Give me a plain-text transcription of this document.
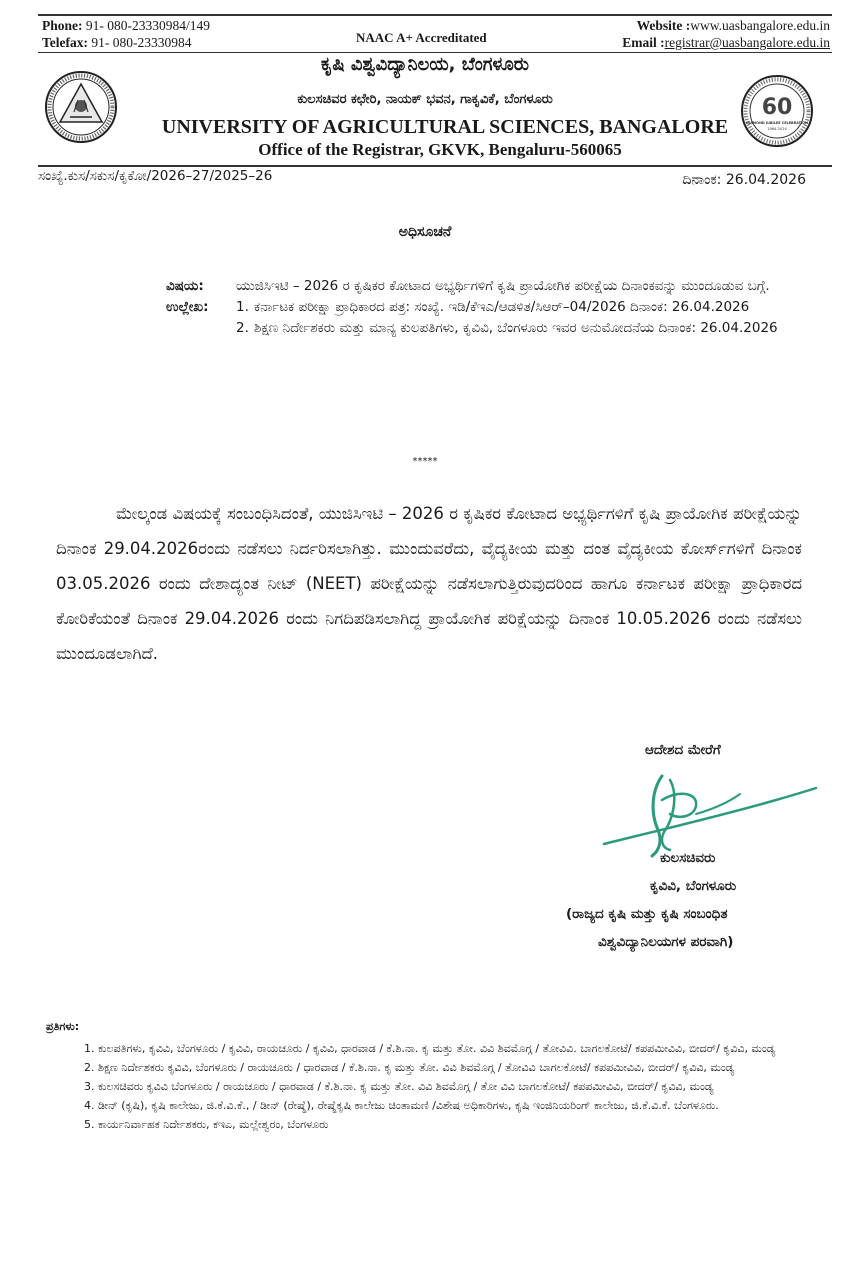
Phone: 91- 080-23330984/149
Telefax: 91- 080-23330984	NAAC A+ Accreditated
Website :www.uasbangalore.edu.in
Email :registrar@uasbangalore.edu.in
60
DIAMOND JUBILEE CELEBRATION
1964-2024
ಕೃಷಿ ವಿಶ್ವವಿದ್ಯಾನಿಲಯ, ಬೆಂಗಳೂರು
ಕುಲಸಚಿವರ ಕಛೇರಿ, ನಾಯಕ್ ಭವನ, ಗಾಕೃವಿಕೆ, ಬೆಂಗಳೂರು
UNIVERSITY OF AGRICULTURAL SCIENCES, BANGALORE
Office of the Registrar, GKVK, Bengaluru-560065
ಸಂಖ್ಯೆ.ಕುಸ/ಸಕುಸ/ಕೃಕೋ/2026–27/2025–26	ದಿನಾಂಕ: 26.04.2026
ಅಧಿಸೂಚನೆ
ವಿಷಯ:	ಯುಜಿಸಿಇಟಿ – 2026 ರ ಕೃಷಿಕರ ಕೋಟಾದ ಅಭ್ಯರ್ಥಿಗಳಿಗೆ ಕೃಷಿ ಪ್ರಾಯೋಗಿಕ ಪರೀಕ್ಷೆಯ ದಿನಾಂಕವನ್ನು ಮುಂದೂಡುವ ಬಗ್ಗೆ.
ಉಲ್ಲೇಖ:	1. ಕರ್ನಾಟಕ ಪರೀಕ್ಷಾ ಪ್ರಾಧಿಕಾರದ ಪತ್ರ: ಸಂಖ್ಯೆ. ಇಡಿ/ಕೆಇಎ/ಆಡಳಿತ/ಸಿಆರ್–04/2026 ದಿನಾಂಕ: 26.04.2026
2. ಶಿಕ್ಷಣ ನಿರ್ದೇಶಕರು ಮತ್ತು ಮಾನ್ಯ ಕುಲಪತಿಗಳು, ಕೃವಿವಿ, ಬೆಂಗಳೂರು ಇವರ ಅನುಮೋದನೆಯ ದಿನಾಂಕ: 26.04.2026
*****
ಮೇಲ್ಕಂಡ ವಿಷಯಕ್ಕೆ ಸಂಬಂಧಿಸಿದಂತೆ, ಯುಜಿಸಿಇಟಿ – 2026 ರ ಕೃಷಿಕರ ಕೋಟಾದ ಅಭ್ಯರ್ಥಿಗಳಿಗೆ ಕೃಷಿ ಪ್ರಾಯೋಗಿಕ ಪರೀಕ್ಷೆಯನ್ನು ದಿನಾಂಕ 29.04.2026ರಂದು ನಡೆಸಲು ನಿರ್ದರಿಸಲಾಗಿತ್ತು. ಮುಂದುವರೆದು, ವೈದ್ಯಕೀಯ ಮತ್ತು ದಂತ ವೈದ್ಯಕೀಯ ಕೋರ್ಸ್‌ಗಳಿಗೆ ದಿನಾಂಕ 03.05.2026 ರಂದು ದೇಶಾದ್ಯಂತ ನೀಟ್ (NEET) ಪರೀಕ್ಷೆಯನ್ನು ನಡೆಸಲಾಗುತ್ತಿರುವುದರಿಂದ ಹಾಗೂ ಕರ್ನಾಟಕ ಪರೀಕ್ಷಾ ಪ್ರಾಧಿಕಾರದ ಕೋರಿಕೆಯಂತೆ ದಿನಾಂಕ 29.04.2026 ರಂದು ನಿಗದಿಪಡಿಸಲಾಗಿದ್ದ ಪ್ರಾಯೋಗಿಕ ಪರಿಕ್ಷೆಯನ್ನು ದಿನಾಂಕ 10.05.2026 ರಂದು ನಡೆಸಲು ಮುಂದೂಡಲಾಗಿದೆ.
ಆದೇಶದ ಮೇರೆಗೆ
ಕುಲಸಚಿವರು
ಕೃವಿವಿ, ಬೆಂಗಳೂರು
(ರಾಜ್ಯದ ಕೃಷಿ ಮತ್ತು ಕೃಷಿ ಸಂಬಂಧಿತ
ವಿಶ್ವವಿದ್ಯಾನಿಲಯಗಳ ಪರವಾಗಿ)
ಪ್ರತಿಗಳು:
1. ಕುಲಪತಿಗಳು, ಕೃವಿವಿ, ಬೆಂಗಳೂರು / ಕೃವಿವಿ, ರಾಯಚೂರು / ಕೃವಿವಿ, ಧಾರವಾಡ / ಕೆ.ಶಿ.ನಾ. ಕೃ ಮತ್ತು ತೋ. ವಿವಿ ಶಿವಮೊಗ್ಗ / ತೋವಿವಿ. ಬಾಗಲಕೋಟೆ/ ಕಪಪಮೀವಿವಿ, ಬೀದರ್/ ಕೃವಿವಿ, ಮಂಡ್ಯ
2. ಶಿಕ್ಷಣ ನಿರ್ದೇಶಕರು ಕೃವಿವಿ, ಬೆಂಗಳೂರು / ರಾಯಚೂರು / ಧಾರವಾಡ / ಕೆ.ಶಿ.ನಾ. ಕೃ ಮತ್ತು ತೋ. ವಿವಿ ಶಿವಮೊಗ್ಗ / ತೋವಿವಿ ಬಾಗಲಕೋಟೆ/ ಕಪಪಮೀವಿವಿ, ಬೀದರ್/ ಕೃವಿವಿ, ಮಂಡ್ಯ
3. ಕುಲಸಚಿವರು ಕೃವಿವಿ ಬೆಂಗಳೂರು / ರಾಯಚೂರು / ಧಾರವಾಡ / ಕೆ.ಶಿ.ನಾ. ಕೃ ಮತ್ತು ತೋ. ವಿವಿ ಶಿವಮೊಗ್ಗ / ತೋ ವಿವಿ ಬಾಗಲಕೋಟೆ/ ಕಪಪಮೀವಿವಿ, ಬೀದರ್/ ಕೃವಿವಿ, ಮಂಡ್ಯ
4. ಡೀನ್ (ಕೃಷಿ), ಕೃಷಿ ಕಾಲೇಜು, ಜಿ.ಕೆ.ವಿ.ಕೆ., / ಡೀನ್ (ರೇಷ್ಮೆ), ರೇಷ್ಮೆಕೃಷಿ ಕಾಲೇಜು ಚಿಂತಾಮಣಿ /ವಿಶೇಷ ಅಧಿಕಾರಿಗಳು, ಕೃಷಿ ಇಂಜಿನಿಯರಿಂಗ್ ಕಾಲೇಜು, ಜಿ.ಕೆ.ವಿ.ಕೆ. ಬೆಂಗಳೂರು.
5. ಕಾರ್ಯನಿರ್ವಾಹಕ ನಿರ್ದೇಶಕರು, ಕಇಎ, ಮಲ್ಲೇಶ್ವರಂ, ಬೆಂಗಳೂರು
